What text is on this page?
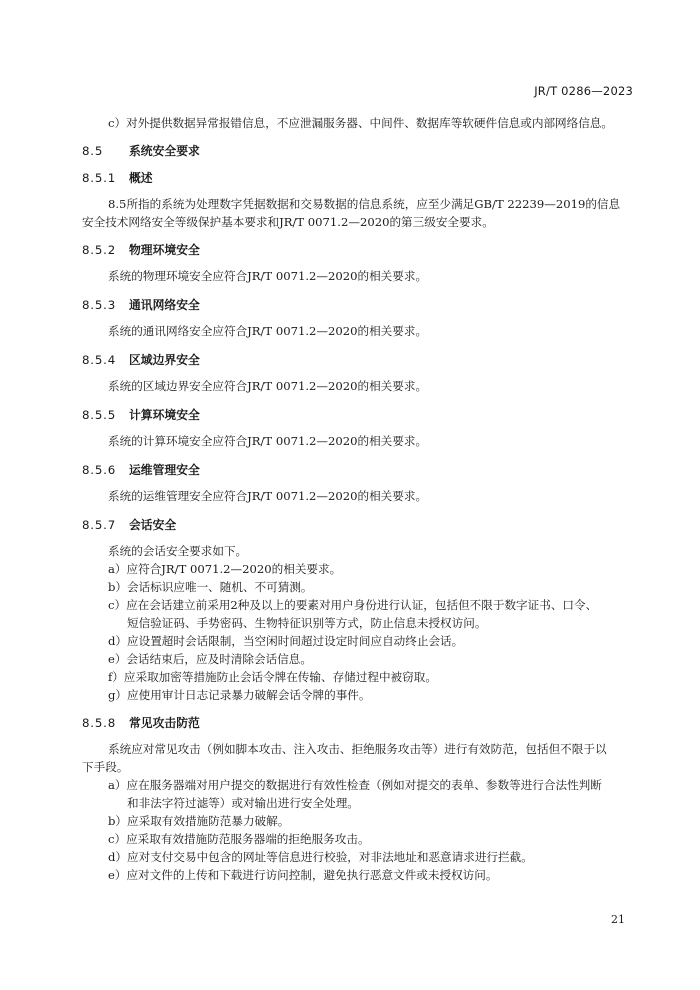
JR/T 0286—2023
c）对外提供数据异常报错信息，不应泄漏服务器、中间件、数据库等软硬件信息或内部网络信息。
8.5 系统安全要求
8.5.1 概述
8.5所指的系统为处理数字凭据数据和交易数据的信息系统，应至少满足GB/T 22239—2019的信息
安全技术网络安全等级保护基本要求和JR/T 0071.2—2020的第三级安全要求。
8.5.2 物理环境安全
系统的物理环境安全应符合JR/T 0071.2—2020的相关要求。
8.5.3 通讯网络安全
系统的通讯网络安全应符合JR/T 0071.2—2020的相关要求。
8.5.4 区域边界安全
系统的区域边界安全应符合JR/T 0071.2—2020的相关要求。
8.5.5 计算环境安全
系统的计算环境安全应符合JR/T 0071.2—2020的相关要求。
8.5.6 运维管理安全
系统的运维管理安全应符合JR/T 0071.2—2020的相关要求。
8.5.7 会话安全
系统的会话安全要求如下。
a）应符合JR/T 0071.2—2020的相关要求。
b）会话标识应唯一、随机、不可猜测。
c）应在会话建立前采用2种及以上的要素对用户身份进行认证，包括但不限于数字证书、口令、
短信验证码、手势密码、生物特征识别等方式，防止信息未授权访问。
d）应设置超时会话限制，当空闲时间超过设定时间应自动终止会话。
e）会话结束后，应及时清除会话信息。
f）应采取加密等措施防止会话令牌在传输、存储过程中被窃取。
g）应使用审计日志记录暴力破解会话令牌的事件。
8.5.8 常见攻击防范
系统应对常见攻击（例如脚本攻击、注入攻击、拒绝服务攻击等）进行有效防范，包括但不限于以
下手段。
a）应在服务器端对用户提交的数据进行有效性检查（例如对提交的表单、参数等进行合法性判断
和非法字符过滤等）或对输出进行安全处理。
b）应采取有效措施防范暴力破解。
c）应采取有效措施防范服务器端的拒绝服务攻击。
d）应对支付交易中包含的网址等信息进行校验，对非法地址和恶意请求进行拦截。
e）应对文件的上传和下载进行访问控制，避免执行恶意文件或未授权访问。
21
